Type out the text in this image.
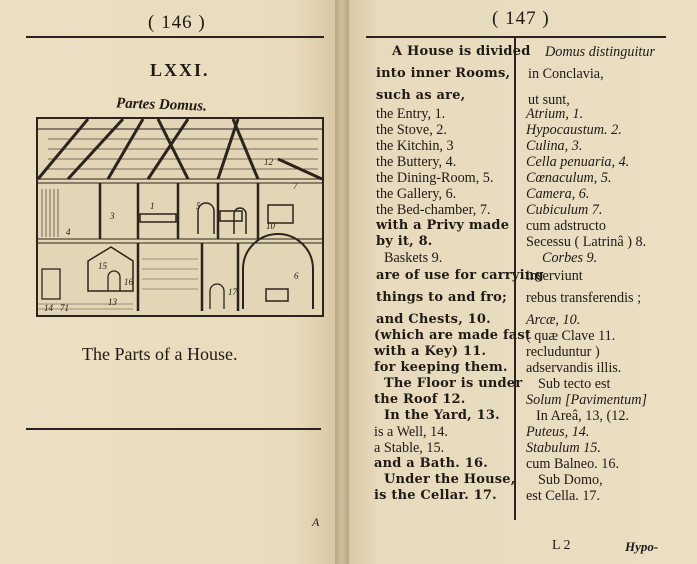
( 146 )
LXXI.
Partes Domus.
12
7
5
1
4
3
10
6
17
16
15
13
14 71
The Parts of a House.
A
( 147 )
A House is divided
into inner Rooms,
such as are,
the Entry, 1.
the Stove, 2.
the Kitchin, 3
the Buttery, 4.
the Dining-Room, 5.
the Gallery, 6.
the Bed-chamber, 7.
with a Privy made
by it, 8.
Baskets 9.
are of use for carrying
things to and fro;
and Chests, 10.
(which are made fast
with a Key) 11.
for keeping them.
The Floor is under
the Roof 12.
In the Yard, 13.
is a Well, 14.
a Stable, 15.
and a Bath. 16.
Under the House,
is the Cellar. 17.
Domus distinguitur
in Conclavia,
ut sunt,
Atrium, 1.
Hypocaustum. 2.
Culina, 3.
Cella penuaria, 4.
Cœnaculum, 5.
Camera, 6.
Cubiculum 7.
cum adstructo
Secessu ( Latrinâ ) 8.
Corbes 9.
inserviunt
rebus transferendis ;
Arcæ, 10.
( quæ Clave 11.
recluduntur )
adservandis illis.
Sub tecto est
Solum [Pavimentum]
In Areâ, 13, (12.
Puteus, 14.
Stabulum 15.
cum Balneo. 16.
Sub Domo,
est Cella. 17.
L 2	Hypo-
